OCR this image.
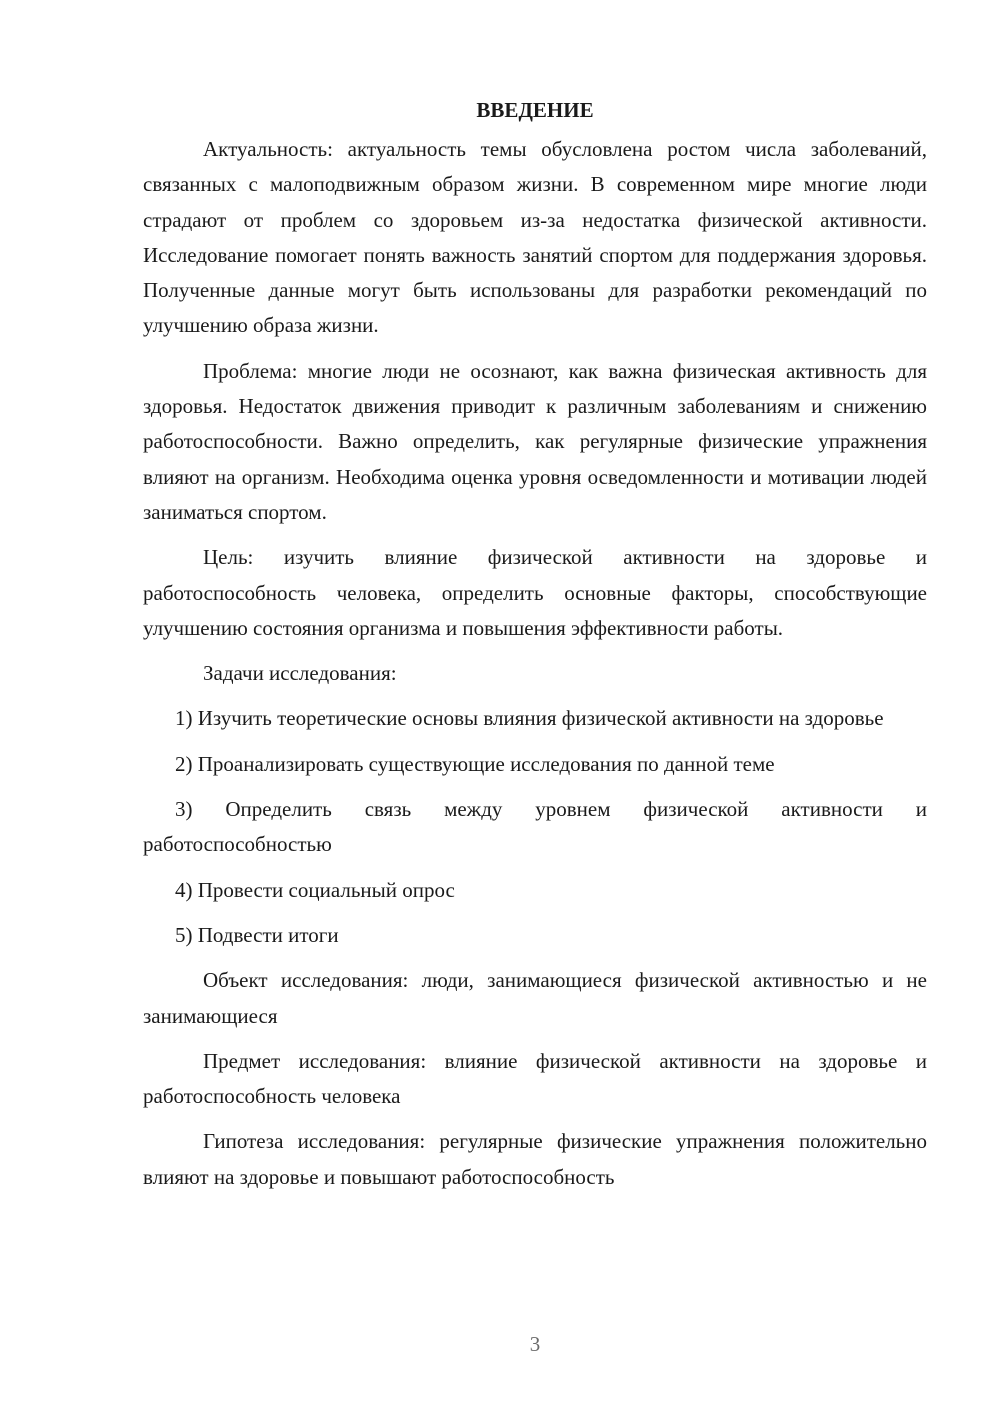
ВВЕДЕНИЕ

Актуальность: актуальность темы обусловлена ростом числа заболеваний, связанных с малоподвижным образом жизни. В современном мире многие люди страдают от проблем со здоровьем из-за недостатка физической активности. Исследование помогает понять важность занятий спортом для поддержания здоровья. Полученные данные могут быть использованы для разработки рекомендаций по улучшению образа жизни.

Проблема: многие люди не осознают, как важна физическая активность для здоровья. Недостаток движения приводит к различным заболеваниям и снижению работоспособности. Важно определить, как регулярные физические упражнения влияют на организм. Необходима оценка уровня осведомленности и мотивации людей заниматься спортом.

Цель: изучить влияние физической активности на здоровье и работоспособность человека, определить основные факторы, способствующие улучшению состояния организма и повышения эффективности работы.

Задачи исследования:

1) Изучить теоретические основы влияния физической активности на здоровье

2) Проанализировать существующие исследования по данной теме

3) Определить связь между уровнем физической активности и работоспособностью

4) Провести социальный опрос

5) Подвести итоги

Объект исследования: люди, занимающиеся физической активностью и не занимающиеся

Предмет исследования: влияние физической активности на здоровье и работоспособность человека

Гипотеза исследования: регулярные физические упражнения положительно влияют на здоровье и повышают работоспособность

3
